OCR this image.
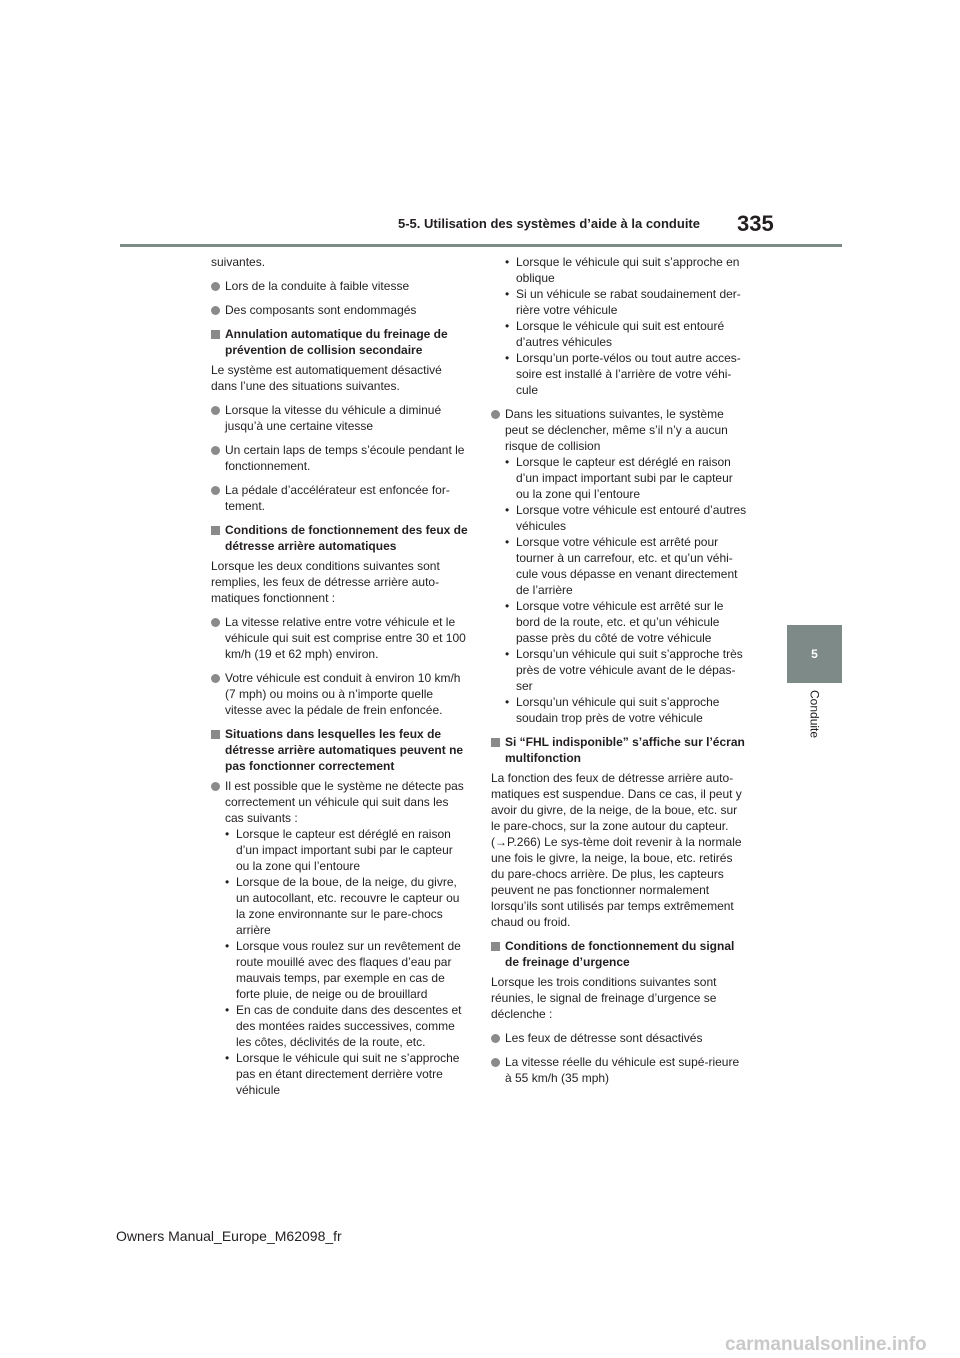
5-5. Utilisation des systèmes d’aide à la conduite 335
5
Conduite

suivantes.

Lors de la conduite à faible vitesse

Des composants sont endommagés

Annulation automatique du freinage de prévention de collision secondaire

Le système est automatiquement désactivé dans l’une des situations suivantes.

Lorsque la vitesse du véhicule a diminué jusqu’à une certaine vitesse

Un certain laps de temps s’écoule pendant le fonctionnement.

La pédale d’accélérateur est enfoncée for-tement.

Conditions de fonctionnement des feux de détresse arrière automatiques

Lorsque les deux conditions suivantes sont remplies, les feux de détresse arrière auto-matiques fonctionnent :

La vitesse relative entre votre véhicule et le véhicule qui suit est comprise entre 30 et 100 km/h (19 et 62 mph) environ.

Votre véhicule est conduit à environ 10 km/h (7 mph) ou moins ou à n’importe quelle vitesse avec la pédale de frein enfoncée.

Situations dans lesquelles les feux de détresse arrière automatiques peuvent ne pas fonctionner correctement

Il est possible que le système ne détecte pas correctement un véhicule qui suit dans les cas suivants :
• Lorsque le capteur est déréglé en raison d’un impact important subi par le capteur ou la zone qui l’entoure
• Lorsque de la boue, de la neige, du givre, un autocollant, etc. recouvre le capteur ou la zone environnante sur le pare-chocs arrière
• Lorsque vous roulez sur un revêtement de route mouillé avec des flaques d’eau par mauvais temps, par exemple en cas de forte pluie, de neige ou de brouillard
• En cas de conduite dans des descentes et des montées raides successives, comme les côtes, déclivités de la route, etc.
• Lorsque le véhicule qui suit ne s’approche pas en étant directement derrière votre véhicule
• Lorsque le véhicule qui suit s’approche en oblique
• Si un véhicule se rabat soudainement der-rière votre véhicule
• Lorsque le véhicule qui suit est entouré d’autres véhicules
• Lorsqu’un porte-vélos ou tout autre acces-soire est installé à l’arrière de votre véhi-cule
Dans les situations suivantes, le système peut se déclencher, même s’il n’y a aucun risque de collision
• Lorsque le capteur est déréglé en raison d’un impact important subi par le capteur ou la zone qui l’entoure
• Lorsque votre véhicule est entouré d’autres véhicules
• Lorsque votre véhicule est arrêté pour tourner à un carrefour, etc. et qu’un véhi-cule vous dépasse en venant directement de l’arrière
• Lorsque votre véhicule est arrêté sur le bord de la route, etc. et qu’un véhicule passe près du côté de votre véhicule
• Lorsqu’un véhicule qui suit s’approche très près de votre véhicule avant de le dépas-ser
• Lorsqu’un véhicule qui suit s’approche soudain trop près de votre véhicule

Si “FHL indisponible” s’affiche sur l’écran multifonction

La fonction des feux de détresse arrière auto-matiques est suspendue. Dans ce cas, il peut y avoir du givre, de la neige, de la boue, etc. sur le pare-chocs, sur la zone autour du capteur. (→P.266) Le sys-tème doit revenir à la normale une fois le givre, la neige, la boue, etc. retirés du pare-chocs arrière. De plus, les capteurs peuvent ne pas fonctionner normalement lorsqu’ils sont utilisés par temps extrêmement chaud ou froid.

Conditions de fonctionnement du signal de freinage d’urgence

Lorsque les trois conditions suivantes sont réunies, le signal de freinage d’urgence se déclenche :

Les feux de détresse sont désactivés

La vitesse réelle du véhicule est supé-rieure à 55 km/h (35 mph)

Owners Manual_Europe_M62098_fr
carmanualsonline.info
